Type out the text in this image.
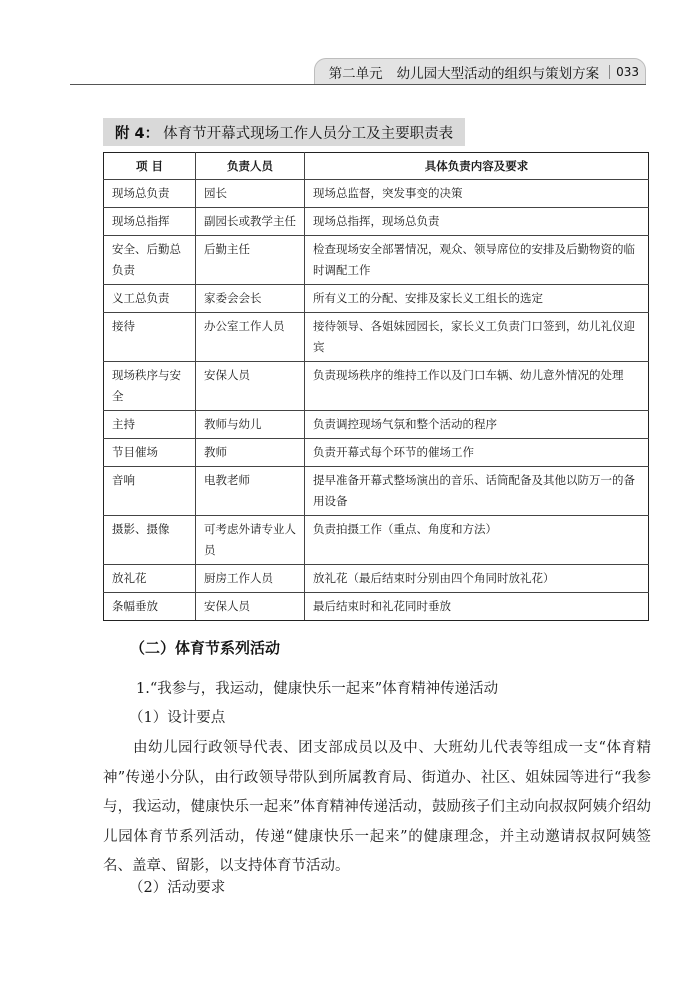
第二单元 幼儿园大型活动的组织与策划方案	033
附 4： 体育节开幕式现场工作人员分工及主要职责表
项 目	负责人员	具体负责内容及要求
现场总负责	园长	现场总监督，突发事变的决策
现场总指挥	副园长或教学主任	现场总指挥，现场总负责
安全、后勤总负责	后勤主任	检查现场安全部署情况，观众、领导席位的安排及后勤物资的临时调配工作
义工总负责	家委会会长	所有义工的分配、安排及家长义工组长的选定
接待	办公室工作人员	接待领导、各姐妹园园长，家长义工负责门口签到，幼儿礼仪迎宾
现场秩序与安全	安保人员	负责现场秩序的维持工作以及门口车辆、幼儿意外情况的处理
主持	教师与幼儿	负责调控现场气氛和整个活动的程序
节目催场	教师	负责开幕式每个环节的催场工作
音响	电教老师	提早准备开幕式整场演出的音乐、话筒配备及其他以防万一的备用设备
摄影、摄像	可考虑外请专业人员	负责拍摄工作（重点、角度和方法）
放礼花	厨房工作人员	放礼花（最后结束时分别由四个角同时放礼花）
条幅垂放	安保人员	最后结束时和礼花同时垂放
（二）体育节系列活动
1.“我参与，我运动，健康快乐一起来”体育精神传递活动
（1）设计要点
由幼儿园行政领导代表、团支部成员以及中、大班幼儿代表等组成一支“体育精神”传递小分队，由行政领导带队到所属教育局、街道办、社区、姐妹园等进行“我参与，我运动，健康快乐一起来”体育精神传递活动，鼓励孩子们主动向叔叔阿姨介绍幼儿园体育节系列活动，传递“健康快乐一起来”的健康理念，并主动邀请叔叔阿姨签名、盖章、留影，以支持体育节活动。
（2）活动要求
